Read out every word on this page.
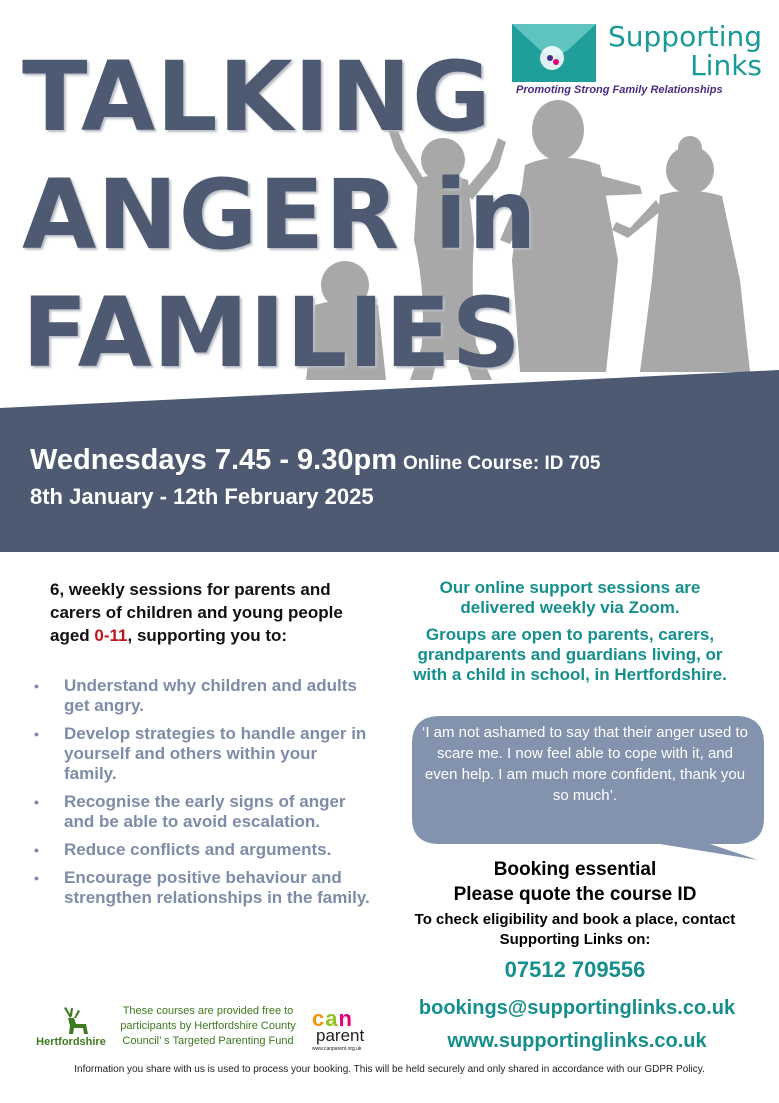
Supporting
Links
Promoting Strong Family Relationships
TALKING
ANGER in
FAMILIES
Wednesdays 7.45 - 9.30pm Online Course: ID 705
8th January - 12th February 2025
6, weekly sessions for parents and carers of children and young people aged 0-11, supporting you to:
• Understand why children and adults get angry.
• Develop strategies to handle anger in yourself and others within your family.
• Recognise the early signs of anger and be able to avoid escalation.
• Reduce conflicts and arguments.
• Encourage positive behaviour and strengthen relationships in the family.

Our online support sessions are delivered weekly via Zoom.

Groups are open to parents, carers, grandparents and guardians living, or with a child in school, in Hertfordshire.

‘I am not ashamed to say that their anger used to scare me. I now feel able to cope with it, and even help. I am much more confident, thank you so much’.
Booking essential
Please quote the course ID
To check eligibility and book a place, contact Supporting Links on:
07512 709556
bookings@supportinglinks.co.uk
www.supportinglinks.co.uk
Hertfordshire
These courses are provided free to participants by Hertfordshire County Council’ s Targeted Parenting Fund
can
parent
www.canparent.org.uk
Information you share with us is used to process your booking. This will be held securely and only shared in accordance with our GDPR Policy.
